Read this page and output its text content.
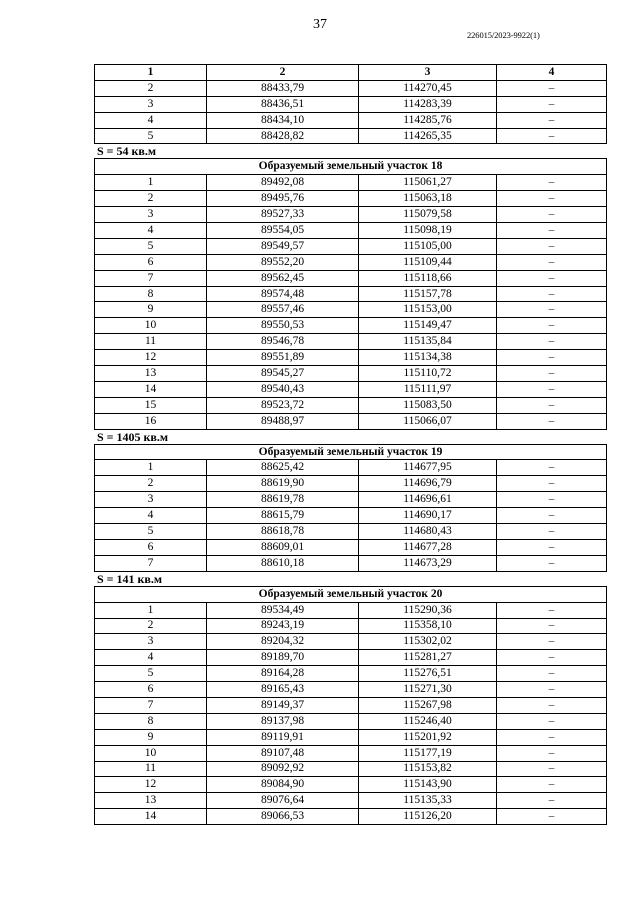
37
226015/2023-9922(1)
1	2	3	4
2	88433,79	114270,45	–
3	88436,51	114283,39	–
4	88434,10	114285,76	–
5	88428,82	114265,35	–
S = 54 кв.м
Образуемый земельный участок 18			
1	89492,08	115061,27	–
2	89495,76	115063,18	–
3	89527,33	115079,58	–
4	89554,05	115098,19	–
5	89549,57	115105,00	–
6	89552,20	115109,44	–
7	89562,45	115118,66	–
8	89574,48	115157,78	–
9	89557,46	115153,00	–
10	89550,53	115149,47	–
11	89546,78	115135,84	–
12	89551,89	115134,38	–
13	89545,27	115110,72	–
14	89540,43	115111,97	–
15	89523,72	115083,50	–
16	89488,97	115066,07	–
S = 1405 кв.м
Образуемый земельный участок 19			
1	88625,42	114677,95	–
2	88619,90	114696,79	–
3	88619,78	114696,61	–
4	88615,79	114690,17	–
5	88618,78	114680,43	–
6	88609,01	114677,28	–
7	88610,18	114673,29	–
S = 141 кв.м
Образуемый земельный участок 20			
1	89534,49	115290,36	–
2	89243,19	115358,10	–
3	89204,32	115302,02	–
4	89189,70	115281,27	–
5	89164,28	115276,51	–
6	89165,43	115271,30	–
7	89149,37	115267,98	–
8	89137,98	115246,40	–
9	89119,91	115201,92	–
10	89107,48	115177,19	–
11	89092,92	115153,82	–
12	89084,90	115143,90	–
13	89076,64	115135,33	–
14	89066,53	115126,20	–
